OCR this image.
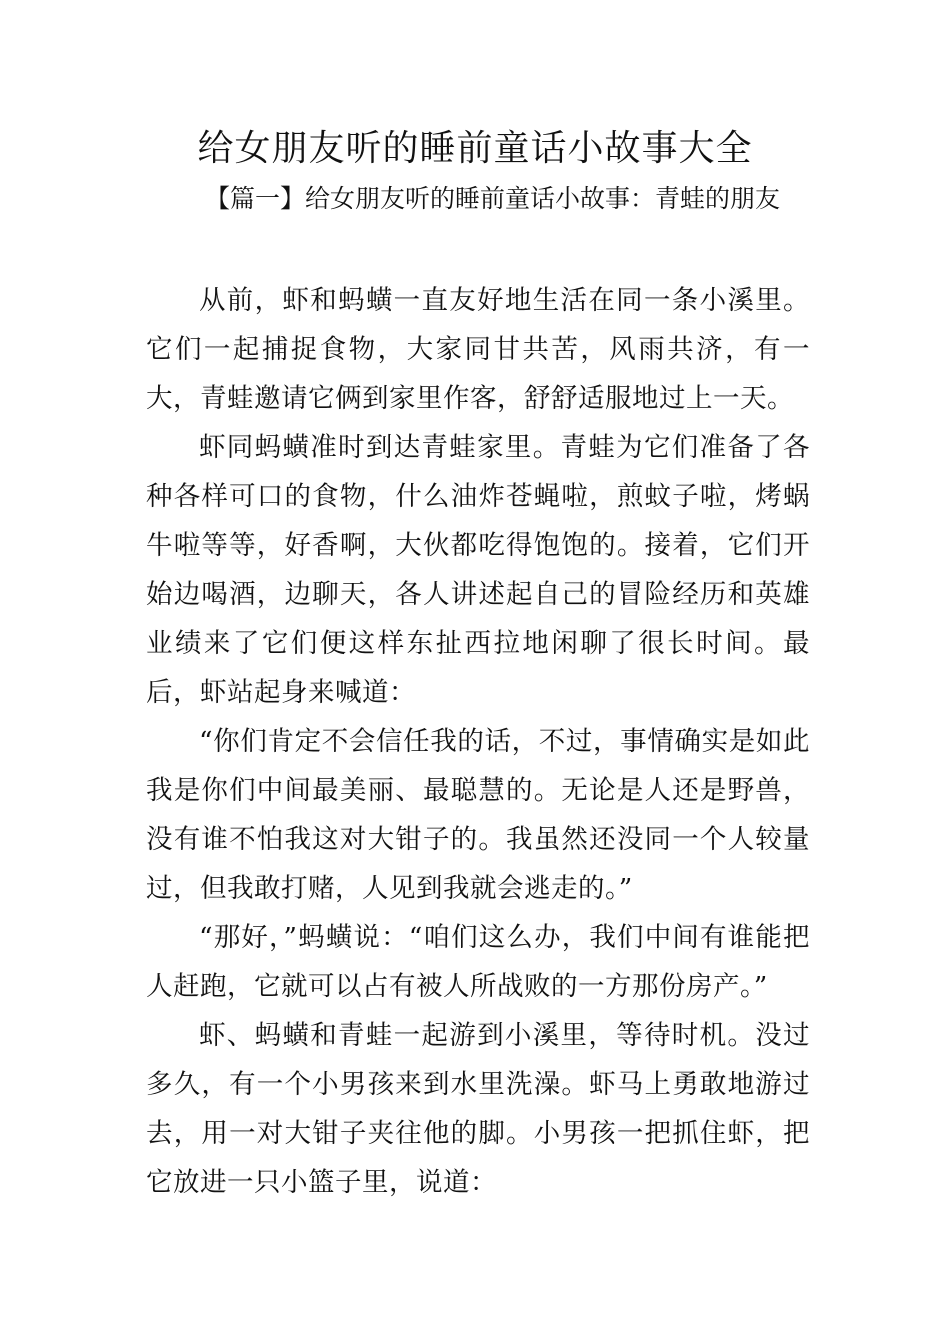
给女朋友听的睡前童话小故事大全
【篇一】给女朋友听的睡前童话小故事：青蛙的朋友

从前，虾和蚂蟥一直友好地生活在同一条小溪里。它们一起捕捉食物，大家同甘共苦，风雨共济，有一大，青蛙邀请它俩到家里作客，舒舒适服地过上一天。

虾同蚂蟥准时到达青蛙家里。青蛙为它们准备了各种各样可口的食物，什么油炸苍蝇啦，煎蚊子啦，烤蜗牛啦等等，好香啊，大伙都吃得饱饱的。接着，它们开始边喝酒，边聊天，各人讲述起自己的冒险经历和英雄业绩来了它们便这样东扯西拉地闲聊了很长时间。最后，虾站起身来喊道：

“你们肯定不会信任我的话，不过，事情确实是如此我是你们中间最美丽、最聪慧的。无论是人还是野兽，没有谁不怕我这对大钳子的。我虽然还没同一个人较量过，但我敢打赌，人见到我就会逃走的。”

“那好，”蚂蟥说：“咱们这么办，我们中间有谁能把人赶跑，它就可以占有被人所战败的一方那份房产。”

虾、蚂蟥和青蛙一起游到小溪里，等待时机。没过多久，有一个小男孩来到水里洗澡。虾马上勇敢地游过去，用一对大钳子夹往他的脚。小男孩一把抓住虾，把它放进一只小篮子里，说道：
